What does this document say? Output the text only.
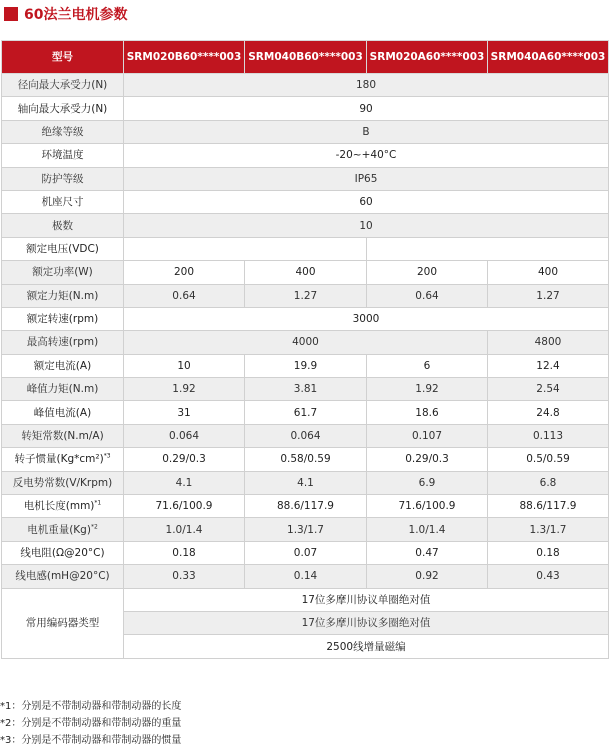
60法兰电机参数
型号	SRM020B60****003	SRM040B60****003	SRM020A60****003	SRM040A60****003
径向最大承受力(N)	180			
轴向最大承受力(N)	90			
绝缘等级	B			
环境温度	-20~+40°C			
防护等级	IP65			
机座尺寸	60			
极数	10			
额定电压(VDC)				
额定功率(W)	200	400	200	400
额定力矩(N.m)	0.64	1.27	0.64	1.27
额定转速(rpm)	3000			
最高转速(rpm)	4000			4800
额定电流(A)	10	19.9	6	12.4
峰值力矩(N.m)	1.92	3.81	1.92	2.54
峰值电流(A)	31	61.7	18.6	24.8
转矩常数(N.m/A)	0.064	0.064	0.107	0.113
转子惯量$(Kg*cm^2)^{*3}$	0.29/0.3	0.58/0.59	0.29/0.3	0.5/0.59
反电势常数(V/Krpm)	4.1	4.1	6.9	6.8
电机长度(mm)$^{*1}$	71.6/100.9	88.6/117.9	71.6/100.9	88.6/117.9
电机重量$(Kg)^{*2}$	1.0/1.4	1.3/1.7	1.0/1.4	1.3/1.7
线电阻(Ω@20°C)	0.18	0.07	0.47	0.18
线电感(mH@20°C)	0.33	0.14	0.92	0.43
常用编码器类型	17位多摩川协议单圈绝对值			
	17位多摩川协议多圈绝对值			
	2500线增量磁编			
*1：分别是不带制动器和带制动器的长度
*2：分别是不带制动器和带制动器的重量
*3：分别是不带制动器和带制动器的惯量
